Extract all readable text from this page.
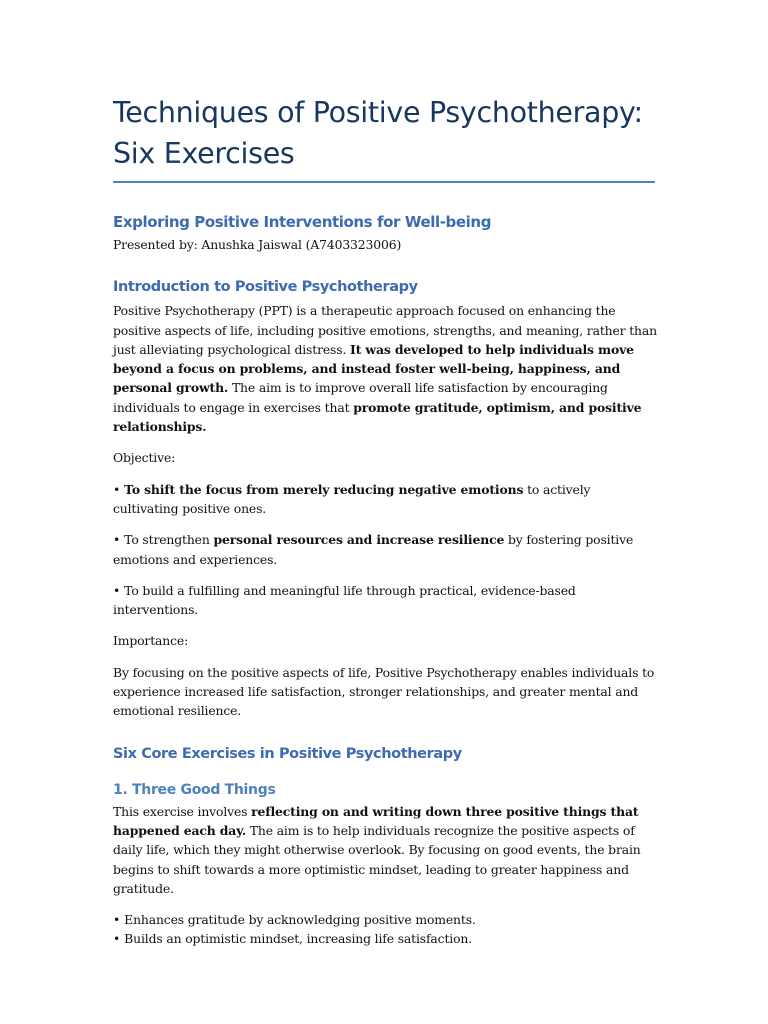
Techniques of Positive Psychotherapy:
Six Exercises
Exploring Positive Interventions for Well-being

Presented by: Anushka Jaiswal (A7403323006)

Introduction to Positive Psychotherapy

Positive Psychotherapy (PPT) is a therapeutic approach focused on enhancing the positive aspects of life, including positive emotions, strengths, and meaning, rather than just alleviating psychological distress. It was developed to help individuals move beyond a focus on problems, and instead foster well-being, happiness, and personal growth. The aim is to improve overall life satisfaction by encouraging individuals to engage in exercises that promote gratitude, optimism, and positive relationships.

Objective:

• To shift the focus from merely reducing negative emotions to actively cultivating positive ones.

• To strengthen personal resources and increase resilience by fostering positive emotions and experiences.

• To build a fulfilling and meaningful life through practical, evidence-based interventions.

Importance:

By focusing on the positive aspects of life, Positive Psychotherapy enables individuals to experience increased life satisfaction, stronger relationships, and greater mental and emotional resilience.

Six Core Exercises in Positive Psychotherapy
1. Three Good Things

This exercise involves reflecting on and writing down three positive things that happened each day. The aim is to help individuals recognize the positive aspects of daily life, which they might otherwise overlook. By focusing on good events, the brain begins to shift towards a more optimistic mindset, leading to greater happiness and gratitude.

• Enhances gratitude by acknowledging positive moments.

• Builds an optimistic mindset, increasing life satisfaction.
